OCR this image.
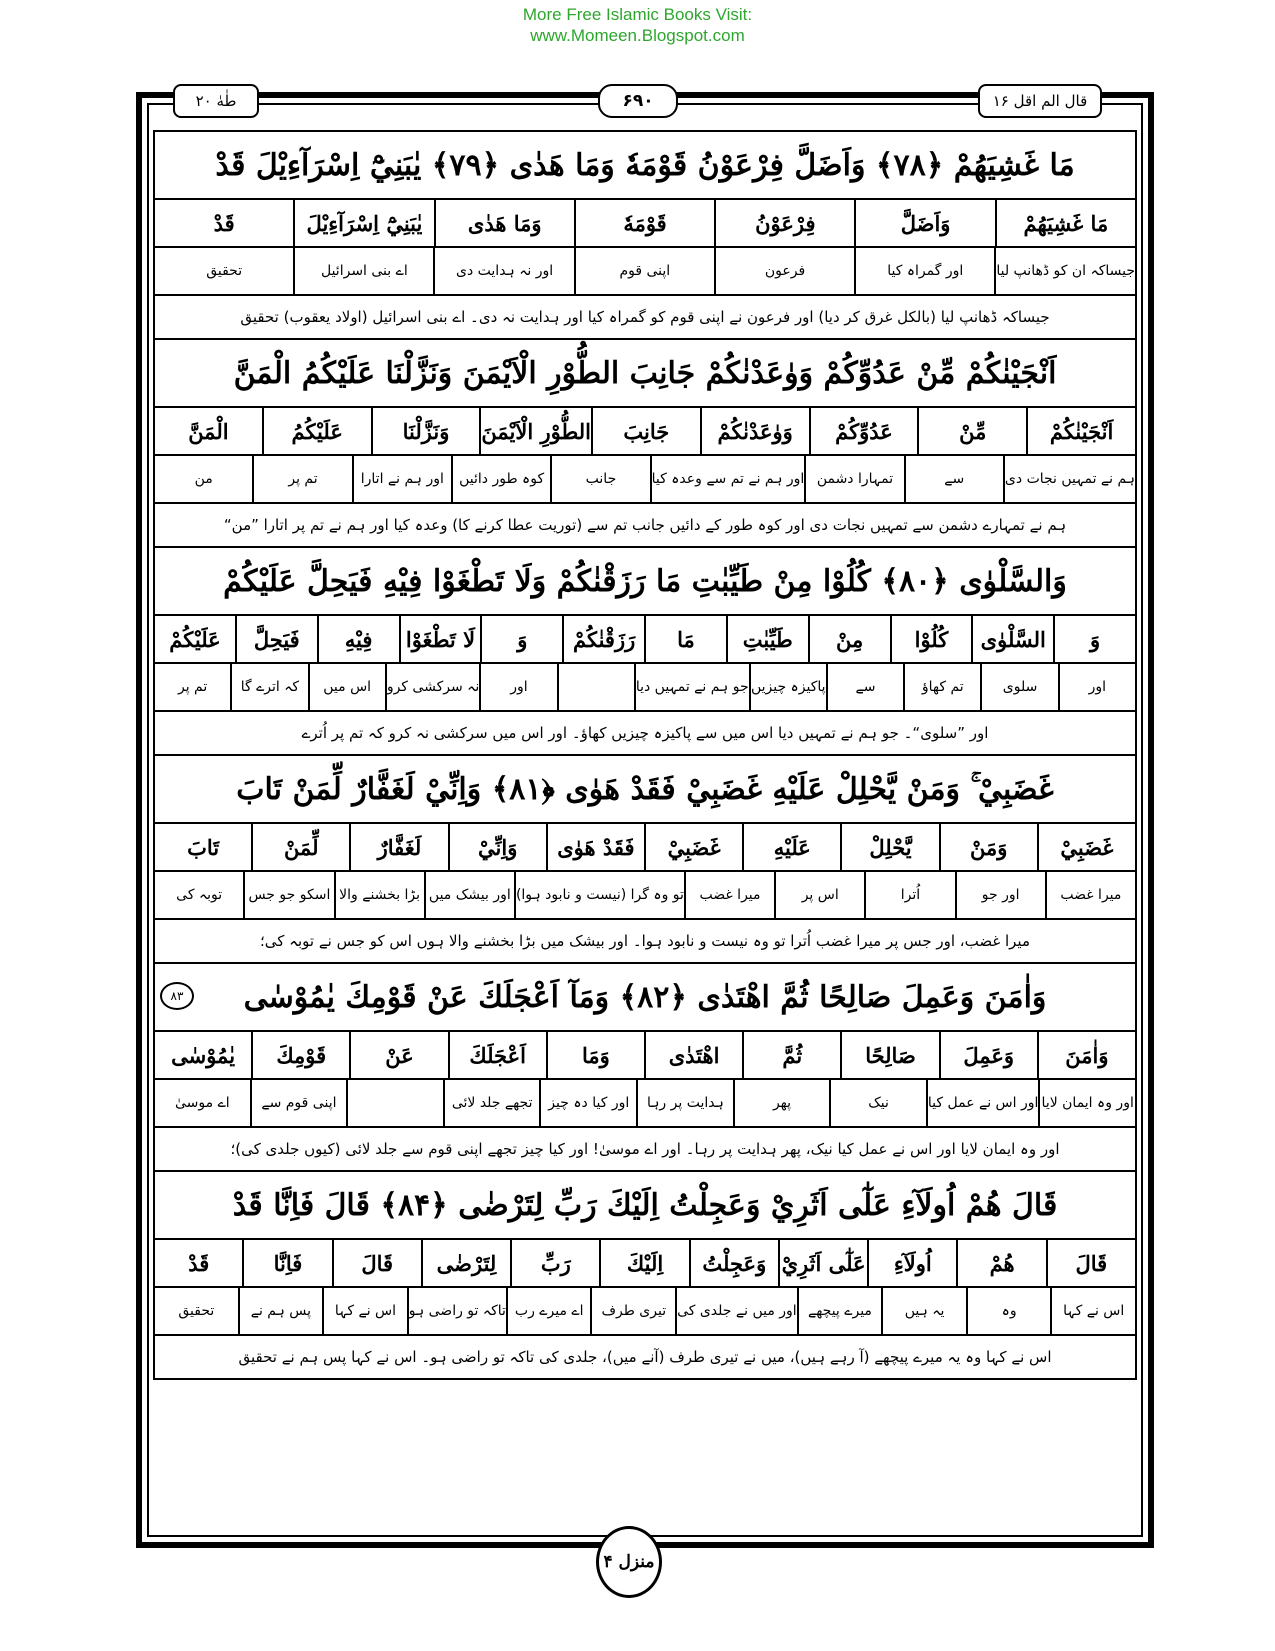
More Free Islamic Books Visit:
www.Momeen.Blogspot.com
قال الم اقل ۱۶
۶۹۰
طٰهٰ ۲۰
مَا غَشِيَهُمْ ﴿۷۸﴾ وَاَضَلَّ فِرْعَوْنُ قَوْمَهٗ وَمَا هَدٰى ﴿۷۹﴾ يٰبَنِيْٓ اِسْرَآءِيْلَ قَدْ
مَا غَشِيَهُمْ
وَاَضَلَّ
فِرْعَوْنُ
قَوْمَهٗ
وَمَا هَدٰى
يٰبَنِيْٓ اِسْرَآءِيْلَ
قَدْ
جیساکہ ان کو ڈھانپ لیا
اور گمراہ کیا
فرعون
اپنی قوم
اور نہ ہدایت دی
اے بنی اسرائیل
تحقیق
جیساکہ ڈھانپ لیا (بالکل غرق کر دیا) اور فرعون نے اپنی قوم کو گمراہ کیا اور ہدایت نہ دی۔ اے بنی اسرائیل (اولاد یعقوب) تحقیق
اَنْجَيْنٰكُمْ مِّنْ عَدُوِّكُمْ وَوٰعَدْنٰكُمْ جَانِبَ الطُّوْرِ الْاَيْمَنَ وَنَزَّلْنَا عَلَيْكُمُ الْمَنَّ
اَنْجَيْنٰكُمْ
مِّنْ
عَدُوِّكُمْ
وَوٰعَدْنٰكُمْ
جَانِبَ
الطُّوْرِ الْاَيْمَنَ
وَنَزَّلْنَا
عَلَيْكُمُ
الْمَنَّ
ہم نے تمہیں نجات دی
سے
تمہارا دشمن
اور ہم نے تم سے وعدہ کیا
جانب
کوہ طور دائیں
اور ہم نے اتارا
تم پر
من
ہم نے تمہارے دشمن سے تمہیں نجات دی اور کوہ طور کے دائیں جانب تم سے (توریت عطا کرنے کا) وعدہ کیا اور ہم نے تم پر اتارا ”من“
وَالسَّلْوٰى ﴿۸۰﴾ كُلُوْا مِنْ طَيِّبٰتِ مَا رَزَقْنٰكُمْ وَلَا تَطْغَوْا فِيْهِ فَيَحِلَّ عَلَيْكُمْ
وَ
السَّلْوٰى
كُلُوْا
مِنْ
طَيِّبٰتِ
مَا
رَزَقْنٰكُمْ
وَ
لَا تَطْغَوْا
فِيْهِ
فَيَحِلَّ
عَلَيْكُمْ
اور
سلوی
تم کھاؤ
سے
پاکیزہ چیزیں
جو ہم نے تمہیں دیا
اور
نہ سرکشی کرو
اس میں
کہ اترے گا
تم پر
اور ”سلوی“۔ جو ہم نے تمہیں دیا اس میں سے پاکیزہ چیزیں کھاؤ۔ اور اس میں سرکشی نہ کرو کہ تم پر اُترے
غَضَبِيْ ۚ وَمَنْ يَّحْلِلْ عَلَيْهِ غَضَبِيْ فَقَدْ هَوٰى ﴿۸۱﴾ وَاِنِّيْ لَغَفَّارٌ لِّمَنْ تَابَ
غَضَبِيْ
وَمَنْ
يَّحْلِلْ
عَلَيْهِ
غَضَبِيْ
فَقَدْ هَوٰى
وَاِنِّيْ
لَغَفَّارٌ
لِّمَنْ
تَابَ
میرا غضب
اور جو
اُترا
اس پر
میرا غضب
تو وہ گرا (نیست و نابود ہوا)
اور بیشک میں
بڑا بخشنے والا
اسکو جو جس
توبہ کی
میرا غضب، اور جس پر میرا غضب اُترا تو وہ نیست و نابود ہوا۔ اور بیشک میں بڑا بخشنے والا ہوں اس کو جس نے توبہ کی؛
وَاٰمَنَ وَعَمِلَ صَالِحًا ثُمَّ اهْتَدٰى ﴿۸۲﴾ وَمَآ اَعْجَلَكَ عَنْ قَوْمِكَ يٰمُوْسٰى
وَاٰمَنَ
وَعَمِلَ
صَالِحًا
ثُمَّ
اهْتَدٰى
وَمَا
اَعْجَلَكَ
عَنْ
قَوْمِكَ
يٰمُوْسٰى
اور وہ ایمان لایا
اور اس نے عمل کیا
نیک
پھر
ہدایت پر رہا
اور کیا دہ چیز
تجھے جلد لائی
اپنی قوم سے
اے موسیٰ
اور وہ ایمان لایا اور اس نے عمل کیا نیک، پھر ہدایت پر رہا۔ اور اے موسیٰ! اور کیا چیز تجھے اپنی قوم سے جلد لائی (کیوں جلدی کی)؛
قَالَ هُمْ اُولَآءِ عَلٰٓى اَثَرِيْ وَعَجِلْتُ اِلَيْكَ رَبِّ لِتَرْضٰى ﴿۸۴﴾ قَالَ فَاِنَّا قَدْ
قَالَ
هُمْ
اُولَآءِ
عَلٰٓى اَثَرِيْ
وَعَجِلْتُ
اِلَيْكَ
رَبِّ
لِتَرْضٰى
قَالَ
فَاِنَّا
قَدْ
اس نے کہا
وہ
یہ ہیں
میرے پیچھے
اور میں نے جلدی کی
تیری طرف
اے میرے رب
تاکہ تو راضی ہو
اس نے کہا
پس ہم نے
تحقیق
اس نے کہا وہ یہ میرے پیچھے (آ رہے ہیں)، میں نے تیری طرف (آنے میں)، جلدی کی تاکہ تو راضی ہو۔ اس نے کہا پس ہم نے تحقیق
۸۳
منزل ۴
